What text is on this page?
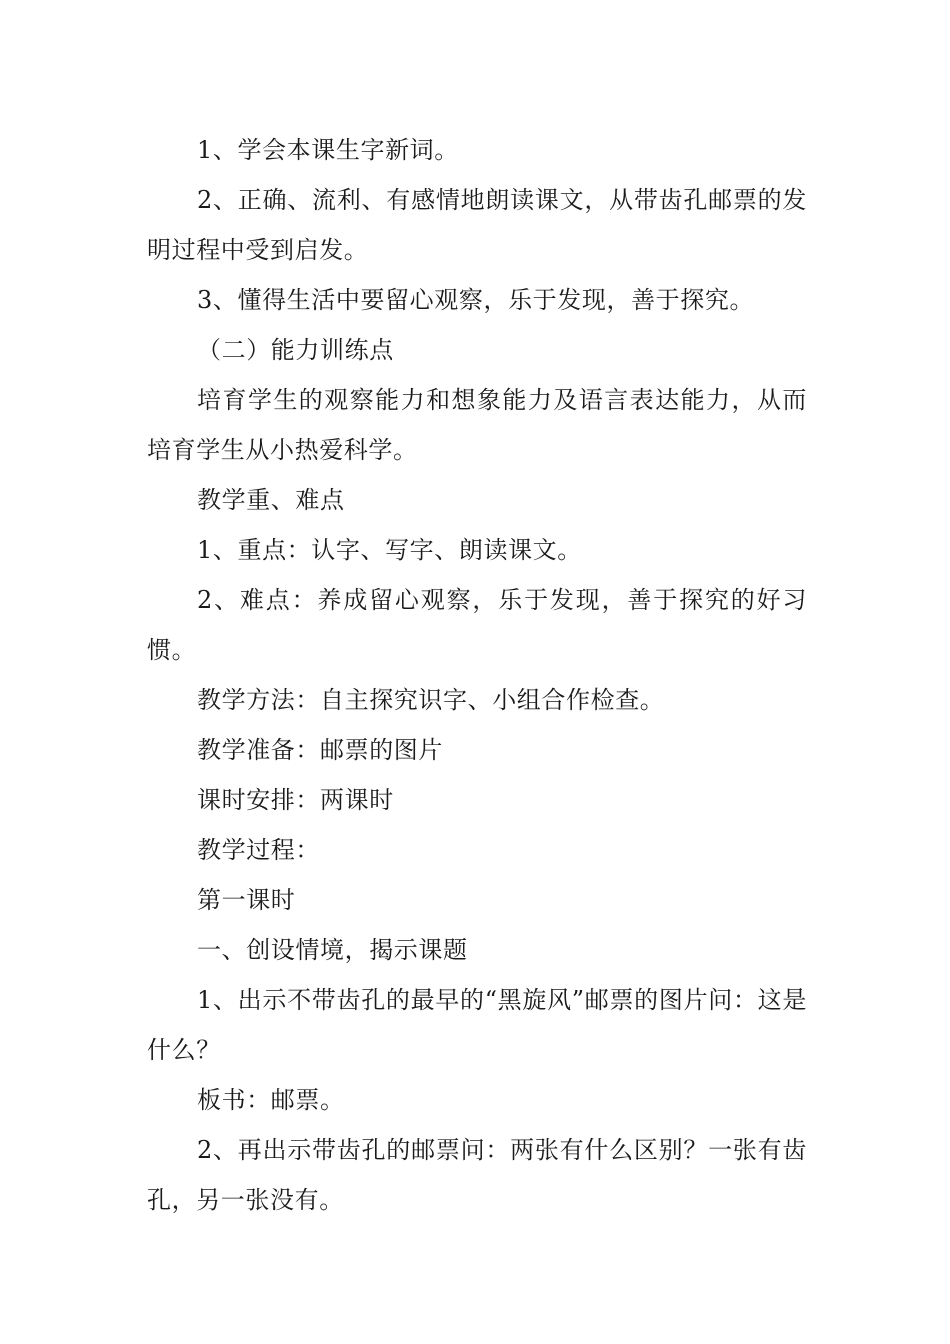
1、学会本课生字新词。

2、正确、流利、有感情地朗读课文，从带齿孔邮票的发明过程中受到启发。

3、懂得生活中要留心观察，乐于发现，善于探究。

（二）能力训练点

培育学生的观察能力和想象能力及语言表达能力，从而培育学生从小热爱科学。

教学重、难点

1、重点：认字、写字、朗读课文。

2、难点：养成留心观察，乐于发现，善于探究的好习惯。

教学方法：自主探究识字、小组合作检查。

教学准备：邮票的图片

课时安排：两课时

教学过程：

第一课时

一、创设情境，揭示课题

1、出示不带齿孔的最早的“黑旋风”邮票的图片问：这是什么？

板书：邮票。

2、再出示带齿孔的邮票问：两张有什么区别？一张有齿孔，另一张没有。
